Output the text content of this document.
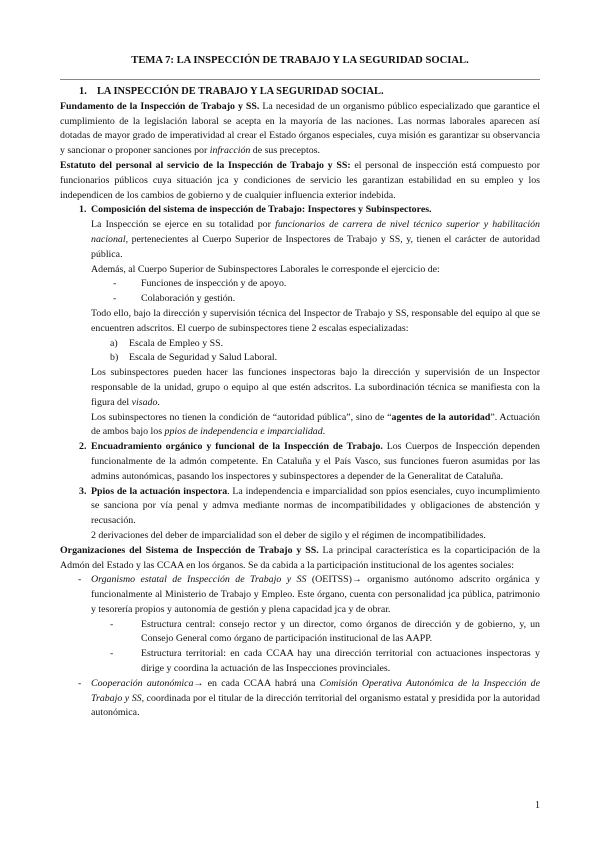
TEMA 7: LA INSPECCIÓN DE TRABAJO Y LA SEGURIDAD SOCIAL.

1. LA INSPECCIÓN DE TRABAJO Y LA SEGURIDAD SOCIAL.

Fundamento de la Inspección de Trabajo y SS. La necesidad de un organismo público especializado que garantice el cumplimiento de la legislación laboral se acepta en la mayoría de las naciones. Las normas laborales aparecen así dotadas de mayor grado de imperatividad al crear el Estado órganos especiales, cuya misión es garantizar su observancia y sancionar o proponer sanciones por infracción de sus preceptos.

Estatuto del personal al servicio de la Inspección de Trabajo y SS: el personal de inspección está compuesto por funcionarios públicos cuya situación jca y condiciones de servicio les garantizan estabilidad en su empleo y los independicen de los cambios de gobierno y de cualquier influencia exterior indebida.

1. Composición del sistema de inspección de Trabajo: Inspectores y Subinspectores.

La Inspección se ejerce en su totalidad por funcionarios de carrera de nivel técnico superior y habilitación nacional, pertenecientes al Cuerpo Superior de Inspectores de Trabajo y SS, y, tienen el carácter de autoridad pública.

Además, al Cuerpo Superior de Subinspectores Laborales le corresponde el ejercicio de:

- Funciones de inspección y de apoyo.

- Colaboración y gestión.

Todo ello, bajo la dirección y supervisión técnica del Inspector de Trabajo y SS, responsable del equipo al que se encuentren adscritos. El cuerpo de subinspectores tiene 2 escalas especializadas:

a) Escala de Empleo y SS.

b) Escala de Seguridad y Salud Laboral.

Los subinspectores pueden hacer las funciones inspectoras bajo la dirección y supervisión de un Inspector responsable de la unidad, grupo o equipo al que estén adscritos. La subordinación técnica se manifiesta con la figura del visado.

Los subinspectores no tienen la condición de “autoridad pública”, sino de “agentes de la autoridad”. Actuación de ambos bajo los ppios de independencia e imparcialidad.

2. Encuadramiento orgánico y funcional de la Inspección de Trabajo. Los Cuerpos de Inspección dependen funcionalmente de la admón competente. En Cataluña y el País Vasco, sus funciones fueron asumidas por las admins autonómicas, pasando los inspectores y subinspectores a depender de la Generalitat de Cataluña.

3. Ppios de la actuación inspectora. La independencia e imparcialidad son ppios esenciales, cuyo incumplimiento se sanciona por vía penal y admva mediante normas de incompatibilidades y obligaciones de abstención y recusación.

2 derivaciones del deber de imparcialidad son el deber de sigilo y el régimen de incompatibilidades.

Organizaciones del Sistema de Inspección de Trabajo y SS. La principal característica es la coparticipación de la Admón del Estado y las CCAA en los órganos. Se da cabida a la participación institucional de los agentes sociales:

- Organismo estatal de Inspección de Trabajo y SS (OEITSS)→ organismo autónomo adscrito orgánica y funcionalmente al Ministerio de Trabajo y Empleo. Este órgano, cuenta con personalidad jca pública, patrimonio y tesorería propios y autonomía de gestión y plena capacidad jca y de obrar.

-	Estructura central: consejo rector y un director, como órganos de dirección y de gobierno, y, un Consejo General como órgano de participación institucional de las AAPP.

-	Estructura territorial: en cada CCAA hay una dirección territorial con actuaciones inspectoras y dirige y coordina la actuación de las Inspecciones provinciales.

- Cooperación autonómica→ en cada CCAA habrá una Comisión Operativa Autonómica de la Inspección de Trabajo y SS, coordinada por el titular de la dirección territorial del organismo estatal y presidida por la autoridad autonómica.

1
